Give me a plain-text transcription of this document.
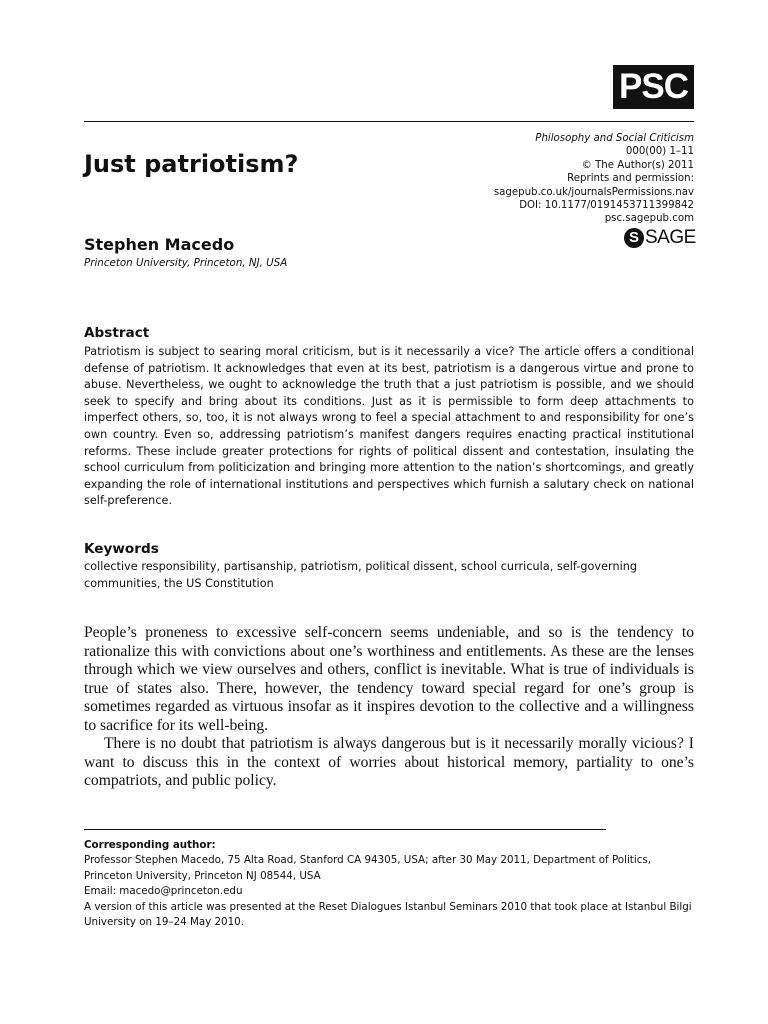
PSC
Philosophy and Social Criticism
000(00) 1–11
© The Author(s) 2011
Reprints and permission:
sagepub.co.uk/journalsPermissions.nav
DOI: 10.1177/0191453711399842
psc.sagepub.com
S SAGE
Just patriotism?
Stephen Macedo
Princeton University, Princeton, NJ, USA
Abstract
Patriotism is subject to searing moral criticism, but is it necessarily a vice? The article offers a conditional defense of patriotism. It acknowledges that even at its best, patriotism is a dangerous virtue and prone to abuse. Nevertheless, we ought to acknowledge the truth that a just patriotism is possible, and we should seek to specify and bring about its conditions. Just as it is permissible to form deep attachments to imperfect others, so, too, it is not always wrong to feel a special attachment to and responsibility for one’s own country. Even so, addressing patriotism’s manifest dangers requires enacting practical institutional reforms. These include greater protections for rights of political dissent and contestation, insulating the school curriculum from politicization and bringing more attention to the nation’s shortcomings, and greatly expanding the role of international institutions and perspectives which furnish a salutary check on national self-preference.
Keywords
collective responsibility, partisanship, patriotism, political dissent, school curricula, self-governing communities, the US Constitution

People’s proneness to excessive self-concern seems undeniable, and so is the tendency to rationalize this with convictions about one’s worthiness and entitlements. As these are the lenses through which we view ourselves and others, conflict is inevitable. What is true of individuals is true of states also. There, however, the tendency toward special regard for one’s group is sometimes regarded as virtuous insofar as it inspires devotion to the collective and a willingness to sacrifice for its well-being.

There is no doubt that patriotism is always dangerous but is it necessarily morally vicious? I want to discuss this in the context of worries about historical memory, partiality to one’s compatriots, and public policy.

Corresponding author:
Professor Stephen Macedo, 75 Alta Road, Stanford CA 94305, USA; after 30 May 2011, Department of Politics, Princeton University, Princeton NJ 08544, USA
Email: macedo@princeton.edu
A version of this article was presented at the Reset Dialogues Istanbul Seminars 2010 that took place at Istanbul Bilgi University on 19–24 May 2010.
